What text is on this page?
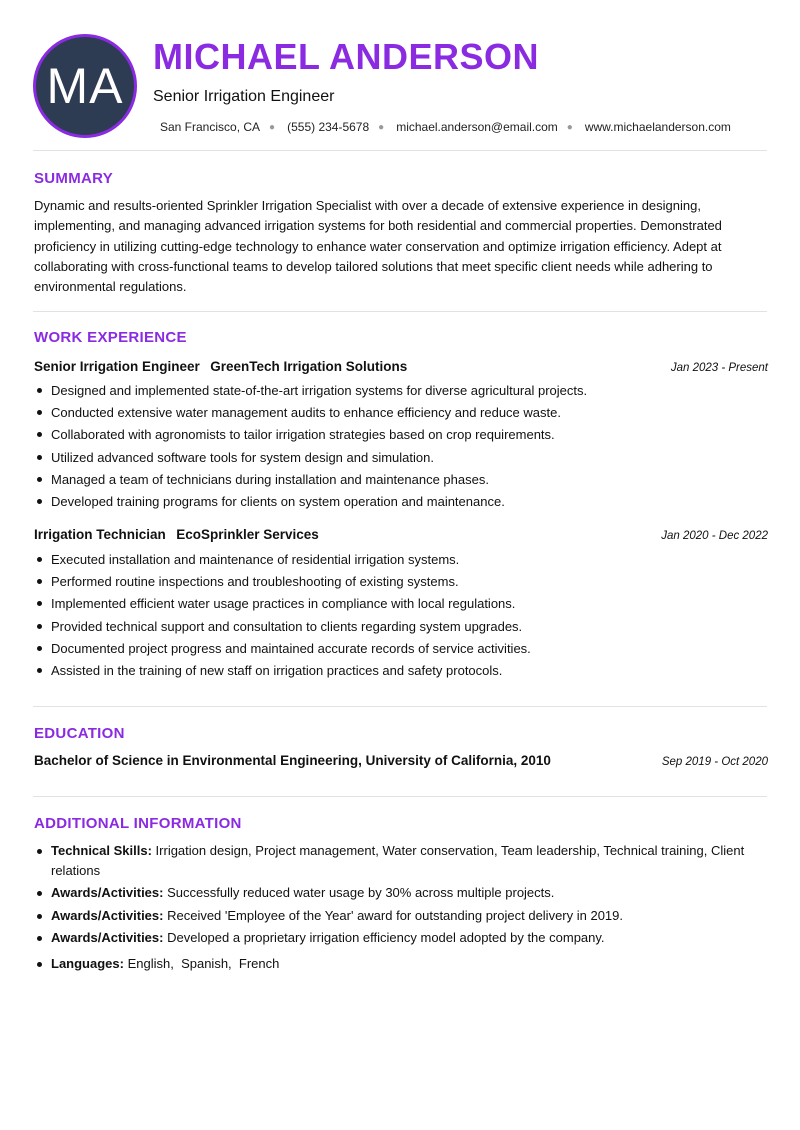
MA
MICHAEL ANDERSON
Senior Irrigation Engineer
San Francisco, CA ● (555) 234-5678 ● michael.anderson@email.com ● www.michaelanderson.com
SUMMARY

Dynamic and results-oriented Sprinkler Irrigation Specialist with over a decade of extensive experience in designing, implementing, and managing advanced irrigation systems for both residential and commercial properties. Demonstrated proficiency in utilizing cutting-edge technology to enhance water conservation and optimize irrigation efficiency. Adept at collaborating with cross-functional teams to develop tailored solutions that meet specific client needs while adhering to environmental regulations.

WORK EXPERIENCE
Senior Irrigation Engineer GreenTech Irrigation Solutions	Jan 2023 - Present
Designed and implemented state-of-the-art irrigation systems for diverse agricultural projects.
Conducted extensive water management audits to enhance efficiency and reduce waste.
Collaborated with agronomists to tailor irrigation strategies based on crop requirements.
Utilized advanced software tools for system design and simulation.
Managed a team of technicians during installation and maintenance phases.
Developed training programs for clients on system operation and maintenance.
Irrigation Technician EcoSprinkler Services	Jan 2020 - Dec 2022
Executed installation and maintenance of residential irrigation systems.
Performed routine inspections and troubleshooting of existing systems.
Implemented efficient water usage practices in compliance with local regulations.
Provided technical support and consultation to clients regarding system upgrades.
Documented project progress and maintained accurate records of service activities.
Assisted in the training of new staff on irrigation practices and safety protocols.
EDUCATION
Bachelor of Science in Environmental Engineering, University of California, 2010	Sep 2019 - Oct 2020
ADDITIONAL INFORMATION
Technical Skills: Irrigation design, Project management, Water conservation, Team leadership, Technical training, Client relations
Awards/Activities: Successfully reduced water usage by 30% across multiple projects.
Awards/Activities: Received 'Employee of the Year' award for outstanding project delivery in 2019.
Awards/Activities: Developed a proprietary irrigation efficiency model adopted by the company.
Languages: English,  Spanish,  French
